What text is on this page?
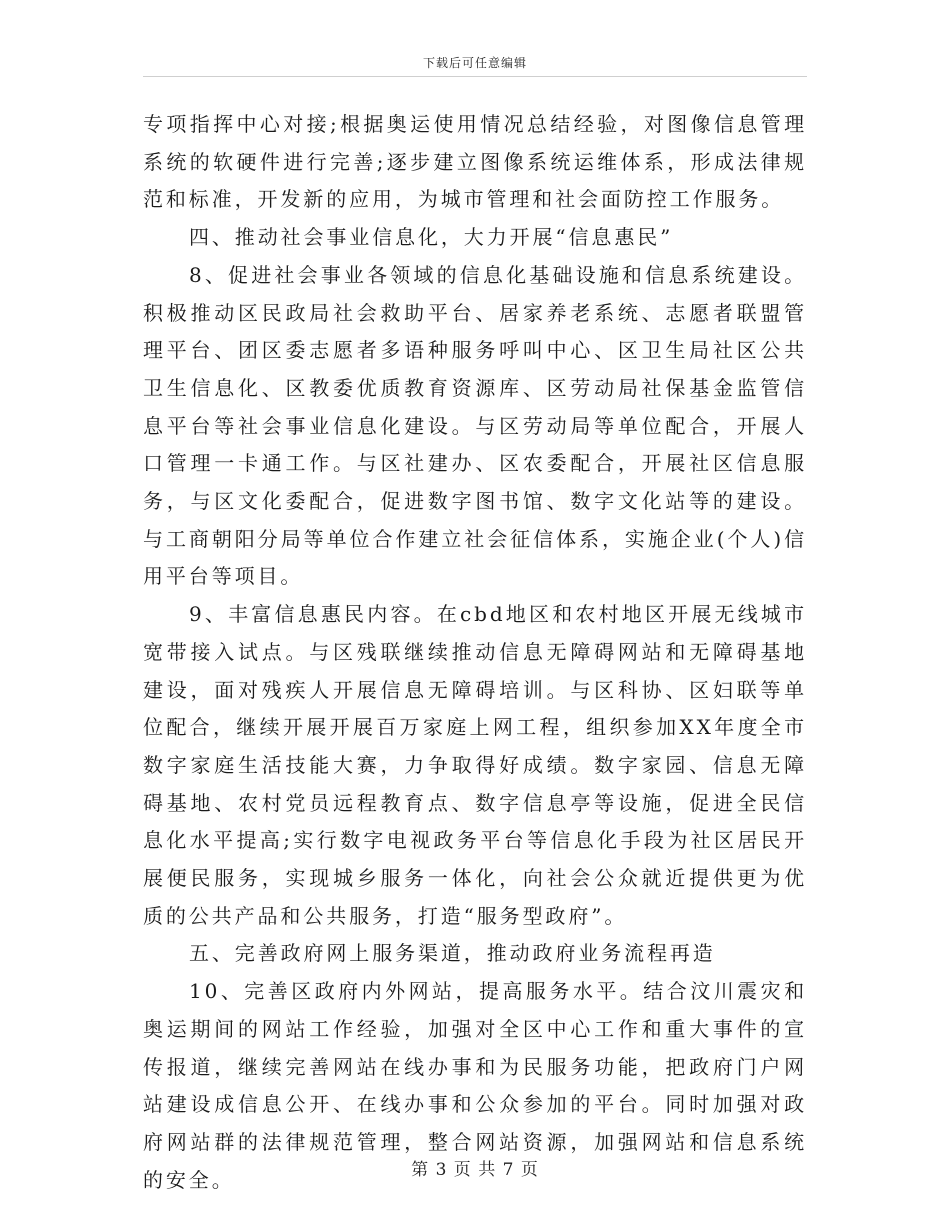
下载后可任意编辑

专项指挥中心对接;根据奥运使用情况总结经验，对图像信息管理系统的软硬件进行完善;逐步建立图像系统运维体系，形成法律规范和标准，开发新的应用，为城市管理和社会面防控工作服务。

四、推动社会事业信息化，大力开展“信息惠民”

8、促进社会事业各领域的信息化基础设施和信息系统建设。积极推动区民政局社会救助平台、居家养老系统、志愿者联盟管理平台、团区委志愿者多语种服务呼叫中心、区卫生局社区公共卫生信息化、区教委优质教育资源库、区劳动局社保基金监管信息平台等社会事业信息化建设。与区劳动局等单位配合，开展人口管理一卡通工作。与区社建办、区农委配合，开展社区信息服务，与区文化委配合，促进数字图书馆、数字文化站等的建设。与工商朝阳分局等单位合作建立社会征信体系，实施企业(个人)信用平台等项目。

9、丰富信息惠民内容。在cbd地区和农村地区开展无线城市宽带接入试点。与区残联继续推动信息无障碍网站和无障碍基地建设，面对残疾人开展信息无障碍培训。与区科协、区妇联等单位配合，继续开展开展百万家庭上网工程，组织参加XX年度全市数字家庭生活技能大赛，力争取得好成绩。数字家园、信息无障碍基地、农村党员远程教育点、数字信息亭等设施，促进全民信息化水平提高;实行数字电视政务平台等信息化手段为社区居民开展便民服务，实现城乡服务一体化，向社会公众就近提供更为优质的公共产品和公共服务，打造“服务型政府”。

五、完善政府网上服务渠道，推动政府业务流程再造

10、完善区政府内外网站，提高服务水平。结合汶川震灾和奥运期间的网站工作经验，加强对全区中心工作和重大事件的宣传报道，继续完善网站在线办事和为民服务功能，把政府门户网站建设成信息公开、在线办事和公众参加的平台。同时加强对政府网站群的法律规范管理，整合网站资源，加强网站和信息系统的安全。	第 3 页 共 7 页
